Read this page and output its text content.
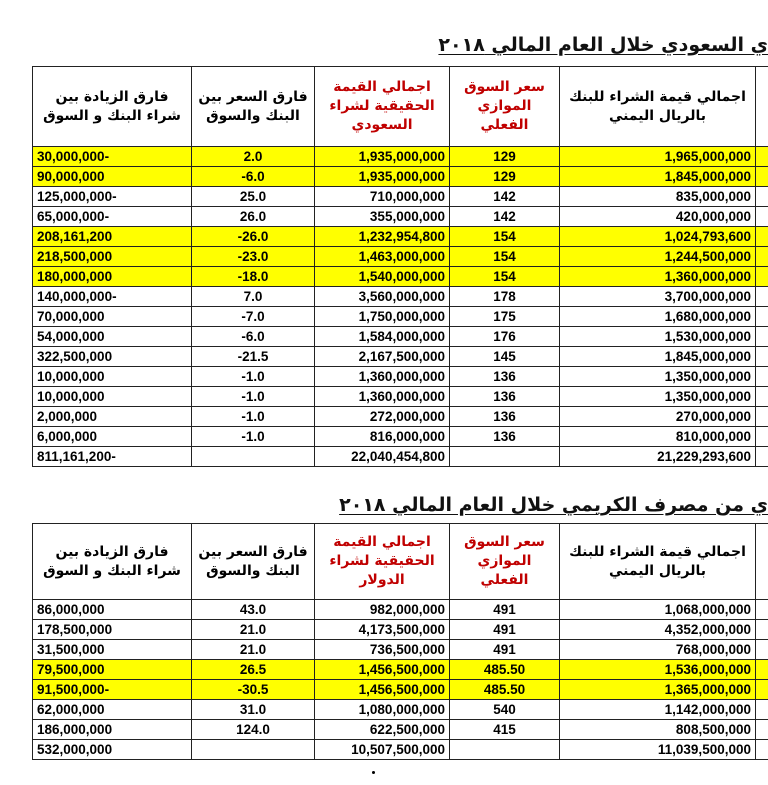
ي السعودي خلال العام المالي ٢٠١٨
فارق الزيادة بين شراء البنك و السوق	فارق السعر بين البنك والسوق	اجمالي القيمة الحقيقية لشراء السعودي	سعر السوق الموازي الفعلي	اجمالي قيمة الشراء للبنك بالريال اليمني	
30,000,000-	2.0	1,935,000,000	129	1,965,000,000	
90,000,000	-6.0	1,935,000,000	129	1,845,000,000	
125,000,000-	25.0	710,000,000	142	835,000,000	
65,000,000-	26.0	355,000,000	142	420,000,000	
208,161,200	-26.0	1,232,954,800	154	1,024,793,600	
218,500,000	-23.0	1,463,000,000	154	1,244,500,000	
180,000,000	-18.0	1,540,000,000	154	1,360,000,000	
140,000,000-	7.0	3,560,000,000	178	3,700,000,000	
70,000,000	-7.0	1,750,000,000	175	1,680,000,000	
54,000,000	-6.0	1,584,000,000	176	1,530,000,000	
322,500,000	-21.5	2,167,500,000	145	1,845,000,000	
10,000,000	-1.0	1,360,000,000	136	1,350,000,000	
10,000,000	-1.0	1,360,000,000	136	1,350,000,000	
2,000,000	-1.0	272,000,000	136	270,000,000	
6,000,000	-1.0	816,000,000	136	810,000,000	
811,161,200-		22,040,454,800		21,229,293,600	
ي من مصرف الكريمي خلال العام المالي ٢٠١٨
فارق الزيادة بين شراء البنك و السوق	فارق السعر بين البنك والسوق	اجمالي القيمة الحقيقية لشراء الدولار	سعر السوق الموازي الفعلي	اجمالي قيمة الشراء للبنك بالريال اليمني	
86,000,000	43.0	982,000,000	491	1,068,000,000	
178,500,000	21.0	4,173,500,000	491	4,352,000,000	
31,500,000	21.0	736,500,000	491	768,000,000	
79,500,000	26.5	1,456,500,000	485.50	1,536,000,000	
91,500,000-	-30.5	1,456,500,000	485.50	1,365,000,000	
62,000,000	31.0	1,080,000,000	540	1,142,000,000	
186,000,000	124.0	622,500,000	415	808,500,000	
532,000,000		10,507,500,000		11,039,500,000	
